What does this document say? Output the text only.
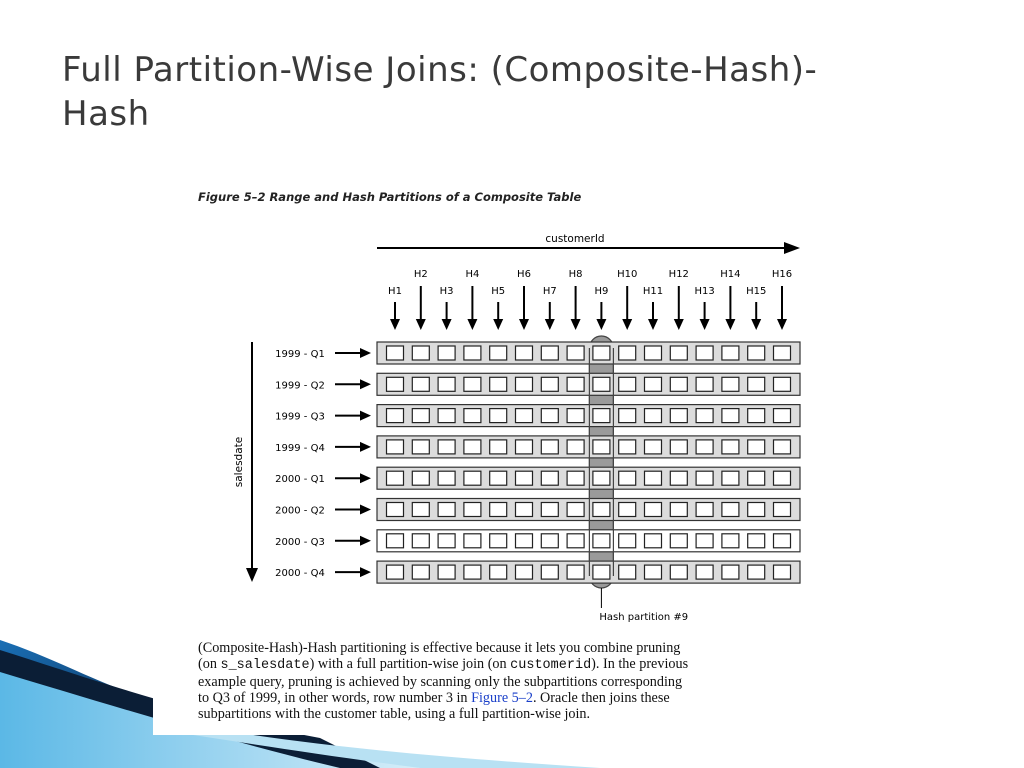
Full Partition-Wise Joins: (Composite-Hash)-
Hash
Figure 5–2 Range and Hash Partitions of a Composite Table
customerId
H1
H2
H3
H4
H5
H6
H7
H8
H9
H10
H11
H12
H13
H14
H15
H16
salesdate
1999 - Q1
1999 - Q2
1999 - Q3
1999 - Q4
2000 - Q1
2000 - Q2
2000 - Q3
2000 - Q4
Hash partition #9
(Composite-Hash)-Hash partitioning is effective because it lets you combine pruning
(on s_salesdate) with a full partition-wise join (on customerid). In the previous
example query, pruning is achieved by scanning only the subpartitions corresponding
to Q3 of 1999, in other words, row number 3 in Figure 5–2. Oracle then joins these
subpartitions with the customer table, using a full partition-wise join.
